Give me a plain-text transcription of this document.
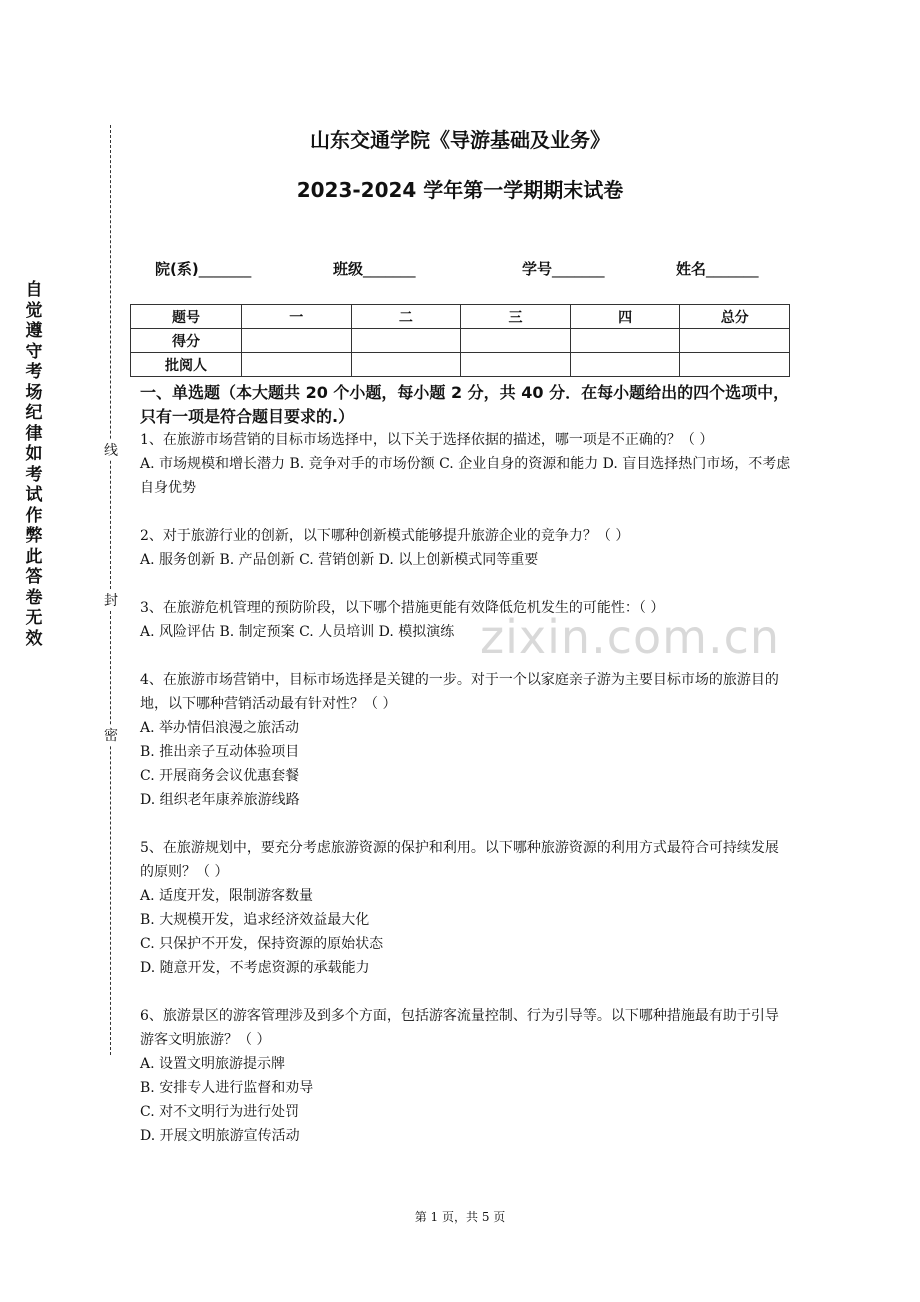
自
觉
遵
守
考
场
纪
律
如
考
试
作
弊
此
答
卷
无
效
线
封
密
山东交通学院《导游基础及业务》
2023-2024 学年第一学期期末试卷
院(系)_______	班级_______	学号_______	姓名_______
题号	一	二	三	四	总分
得分					
批阅人					
一、单选题（本大题共 20 个小题，每小题 2 分，共 40 分．在每小题给出的四个选项中，只有一项是符合题目要求的.）
zixin.com.cn
1、在旅游市场营销的目标市场选择中，以下关于选择依据的描述，哪一项是不正确的？（ ）
A. 市场规模和增长潜力 B. 竞争对手的市场份额 C. 企业自身的资源和能力 D. 盲目选择热门市场，不考虑自身优势
2、对于旅游行业的创新，以下哪种创新模式能够提升旅游企业的竞争力？（ ）
A. 服务创新 B. 产品创新 C. 营销创新 D. 以上创新模式同等重要
3、在旅游危机管理的预防阶段，以下哪个措施更能有效降低危机发生的可能性：（ ）
A. 风险评估 B. 制定预案 C. 人员培训 D. 模拟演练
4、在旅游市场营销中，目标市场选择是关键的一步。对于一个以家庭亲子游为主要目标市场的旅游目的地，以下哪种营销活动最有针对性？（ ）
A. 举办情侣浪漫之旅活动
B. 推出亲子互动体验项目
C. 开展商务会议优惠套餐
D. 组织老年康养旅游线路
5、在旅游规划中，要充分考虑旅游资源的保护和利用。以下哪种旅游资源的利用方式最符合可持续发展的原则？（ ）
A. 适度开发，限制游客数量
B. 大规模开发，追求经济效益最大化
C. 只保护不开发，保持资源的原始状态
D. 随意开发，不考虑资源的承载能力
6、旅游景区的游客管理涉及到多个方面，包括游客流量控制、行为引导等。以下哪种措施最有助于引导游客文明旅游？（ ）
A. 设置文明旅游提示牌
B. 安排专人进行监督和劝导
C. 对不文明行为进行处罚
D. 开展文明旅游宣传活动
第 1 页，共 5 页
